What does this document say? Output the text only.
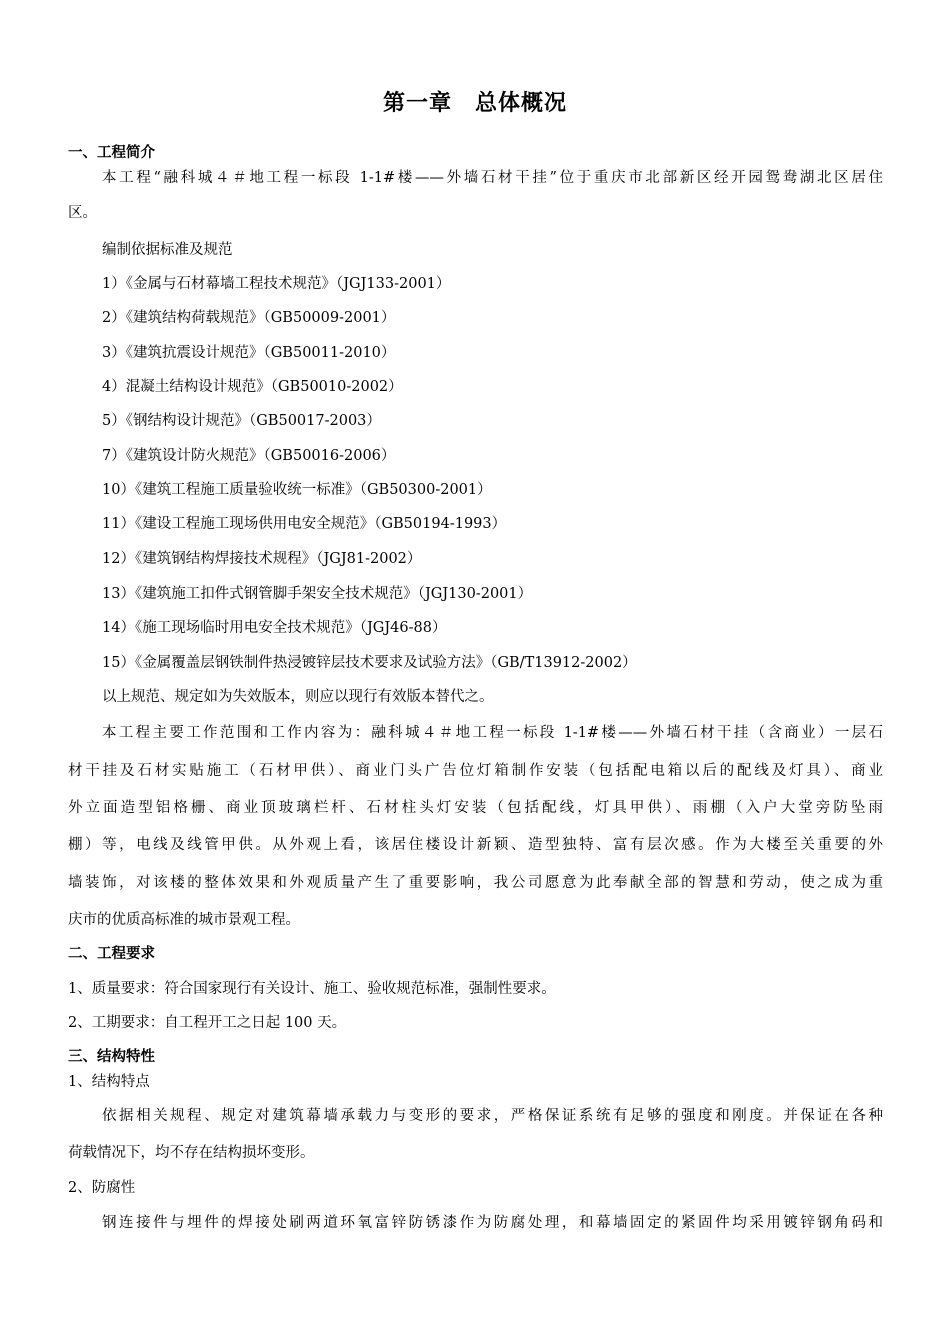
第一章　总体概况
一、工程简介
本工程“融科城４＃地工程一标段 1-1#楼——外墙石材干挂”位于重庆市北部新区经开园鸳鸯湖北区居住
区。
编制依据标准及规范
1）《金属与石材幕墙工程技术规范》（JGJ133-2001）
2）《建筑结构荷载规范》（GB50009-2001）
3）《建筑抗震设计规范》（GB50011-2010）
4）混凝土结构设计规范》（GB50010-2002）
5）《钢结构设计规范》（GB50017-2003）
7）《建筑设计防火规范》（GB50016-2006）
10）《建筑工程施工质量验收统一标准》（GB50300-2001）
11）《建设工程施工现场供用电安全规范》（GB50194-1993）
12）《建筑钢结构焊接技术规程》（JGJ81-2002）
13）《建筑施工扣件式钢管脚手架安全技术规范》（JGJ130-2001）
14）《施工现场临时用电安全技术规范》（JGJ46-88）
15）《金属覆盖层钢铁制件热浸镀锌层技术要求及试验方法》（GB/T13912-2002）
以上规范、规定如为失效版本，则应以现行有效版本替代之。
本工程主要工作范围和工作内容为：融科城４＃地工程一标段 1-1#楼——外墙石材干挂（含商业）一层石
材干挂及石材实贴施工（石材甲供）、商业门头广告位灯箱制作安装（包括配电箱以后的配线及灯具）、商业
外立面造型铝格栅、商业顶玻璃栏杆、石材柱头灯安装（包括配线，灯具甲供）、雨棚（入户大堂旁防坠雨
棚）等，电线及线管甲供。从外观上看，该居住楼设计新颖、造型独特、富有层次感。作为大楼至关重要的外
墙装饰，对该楼的整体效果和外观质量产生了重要影响，我公司愿意为此奉献全部的智慧和劳动，使之成为重
庆市的优质高标准的城市景观工程。
二、工程要求
1、质量要求：符合国家现行有关设计、施工、验收规范标准，强制性要求。
2、工期要求：自工程开工之日起 100 天。
三、结构特性
1、结构特点
依据相关规程、规定对建筑幕墙承载力与变形的要求，严格保证系统有足够的强度和刚度。并保证在各种
荷载情况下，均不存在结构损坏变形。
2、防腐性
钢连接件与埋件的焊接处刷两道环氧富锌防锈漆作为防腐处理，和幕墙固定的紧固件均采用镀锌钢角码和
